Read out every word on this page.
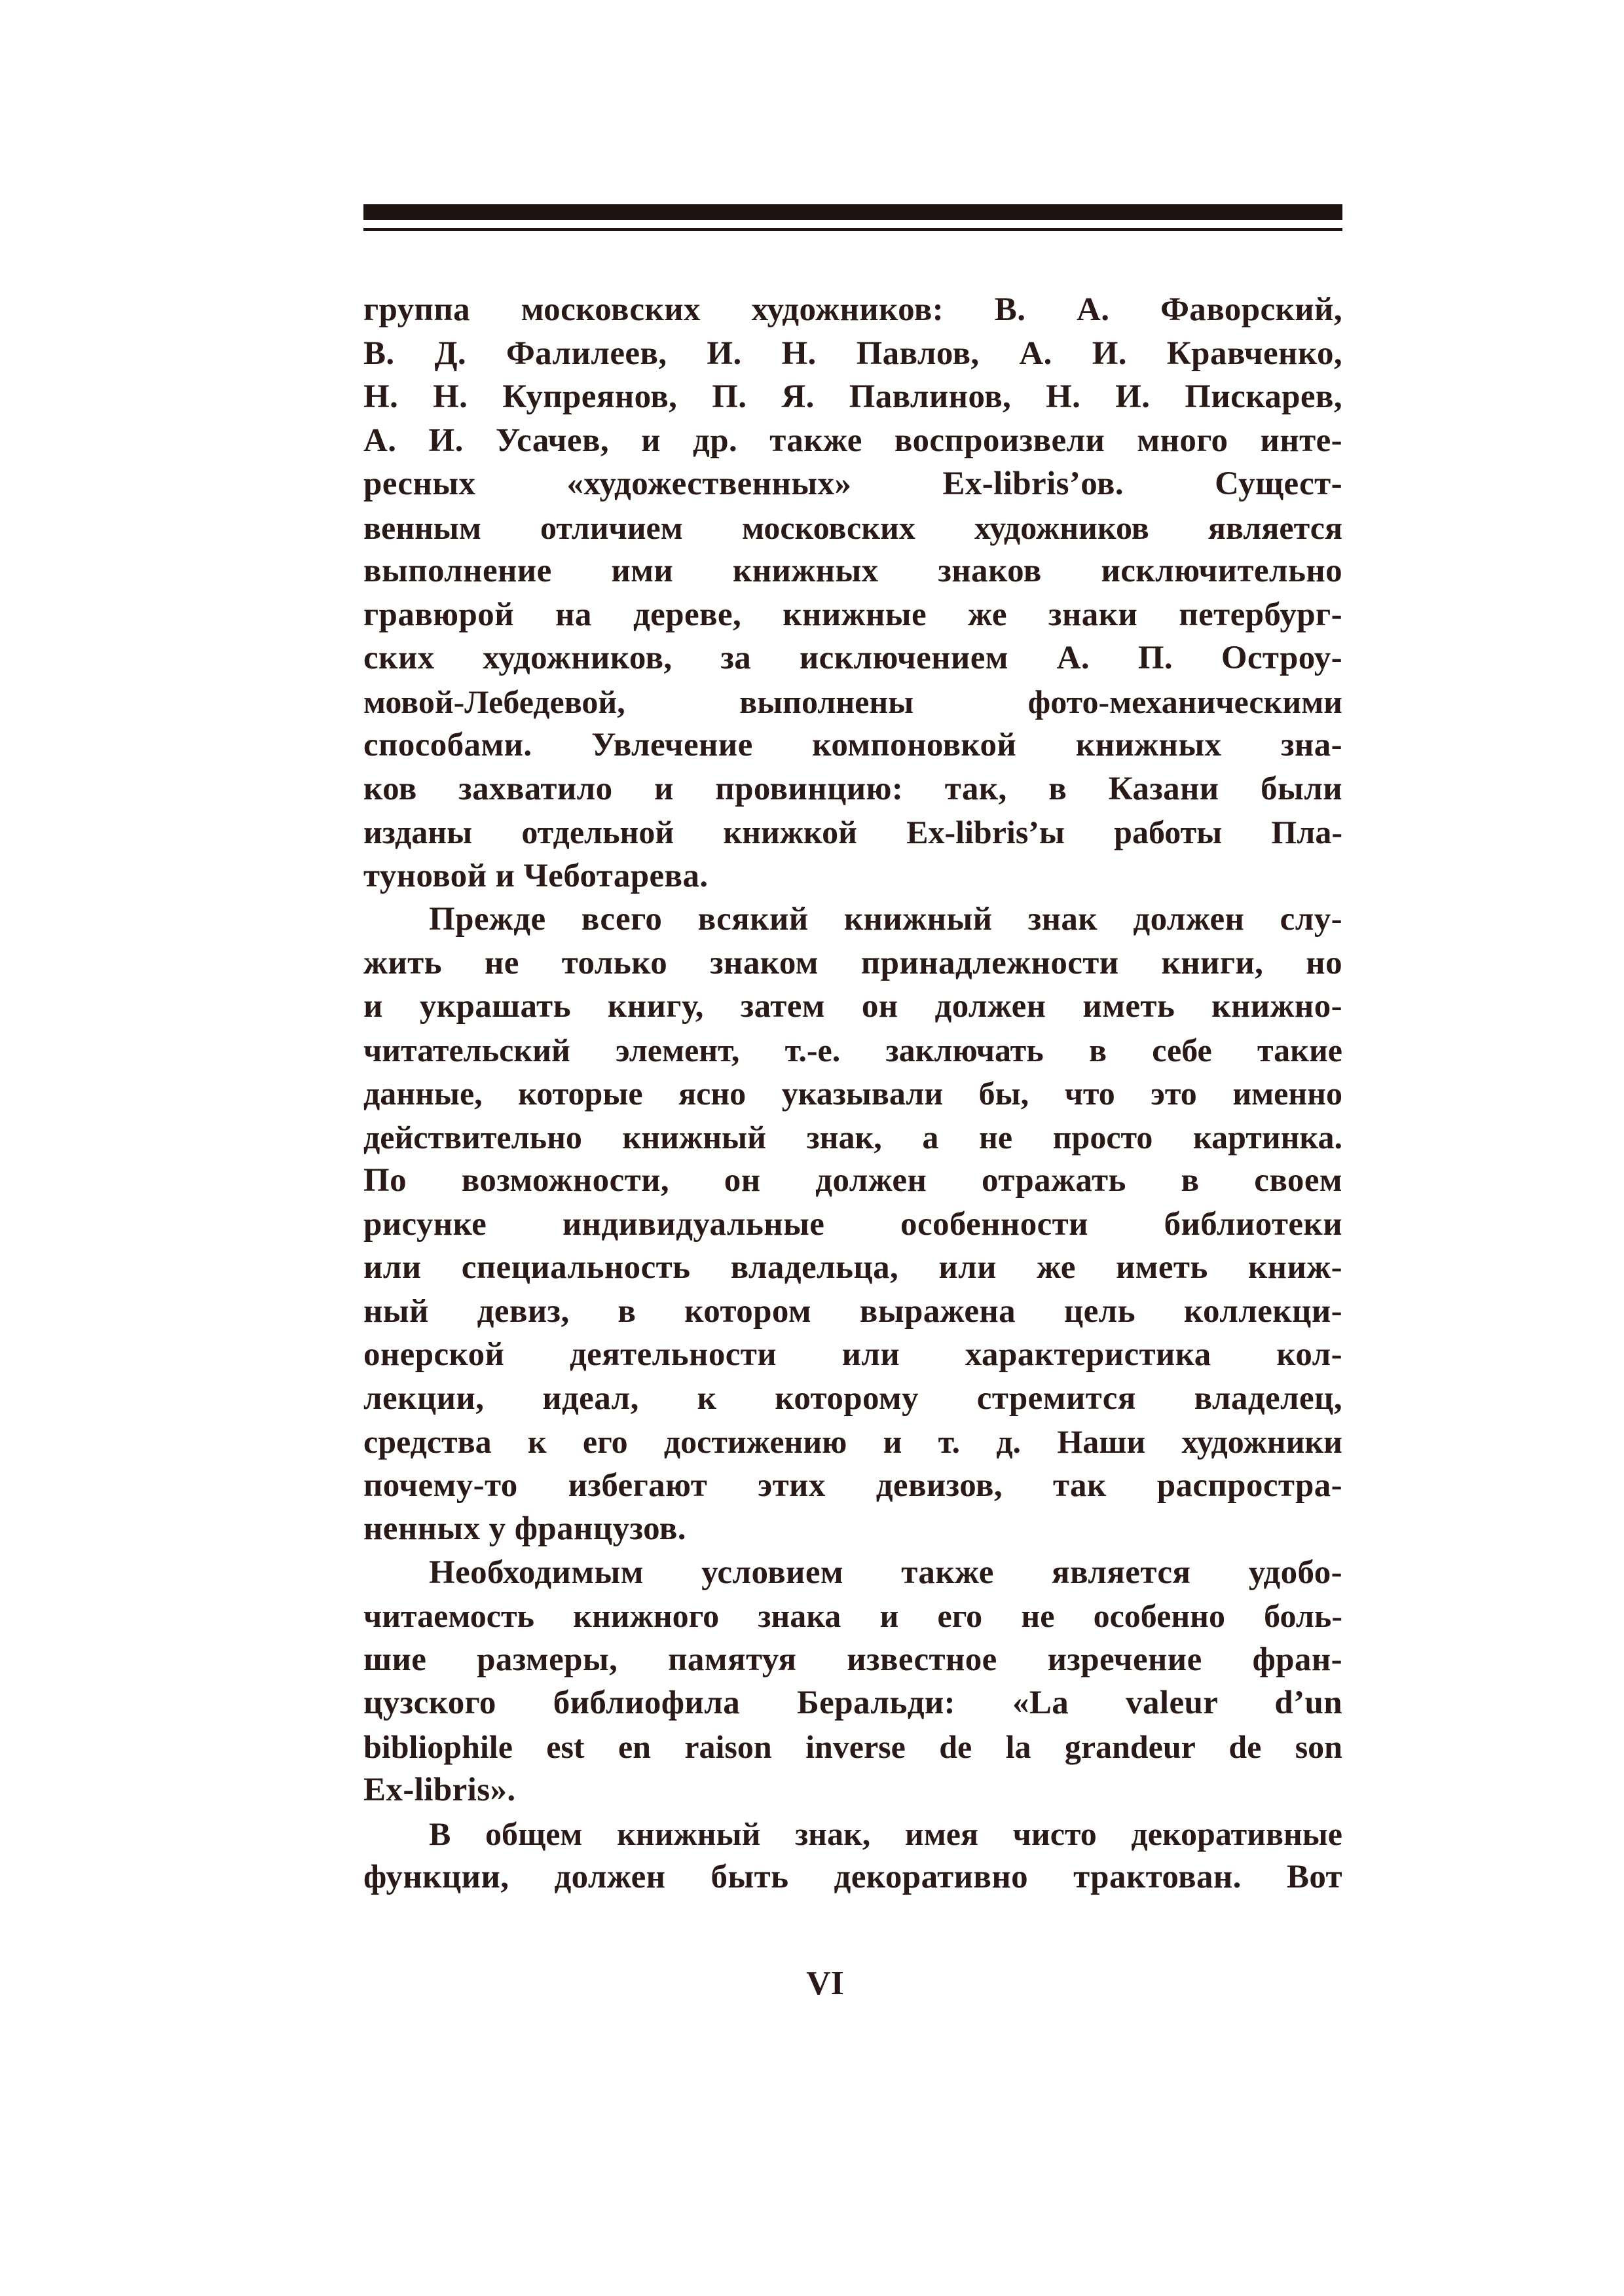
группа московских художников: В. А. Фаворский,
В. Д. Фалилеев, И. Н. Павлов, А. И. Кравченко,
Н. Н. Купреянов, П. Я. Павлинов, Н. И. Пискарев,
А. И. Усачев, и др. также воспроизвели много инте-
ресных «художественных» Ex-libris’ов. Сущест-
венным отличием московских художников является
выполнение ими книжных знаков исключительно
гравюрой на дереве, книжные же знаки петербург-
ских художников, за исключением А. П. Остроу-
мовой-Лебедевой, выполнены фото-механическими
способами. Увлечение компоновкой книжных зна-
ков захватило и провинцию: так, в Казани были
изданы отдельной книжкой Ex-libris’ы работы Пла-
туновой и Чеботарева.
Прежде всего всякий книжный знак должен слу-
жить не только знаком принадлежности книги, но
и украшать книгу, затем он должен иметь книжно-
читательский элемент, т.-е. заключать в себе такие
данные, которые ясно указывали бы, что это именно
действительно книжный знак, а не просто картинка.
По возможности, он должен отражать в своем
рисунке индивидуальные особенности библиотеки
или специальность владельца, или же иметь книж-
ный девиз, в котором выражена цель коллекци-
онерской деятельности или характеристика кол-
лекции, идеал, к которому стремится владелец,
средства к его достижению и т. д. Наши художники
почему-то избегают этих девизов, так распростра-
ненных у французов.
Необходимым условием также является удобо-
читаемость книжного знака и его не особенно боль-
шие размеры, памятуя известное изречение фран-
цузского библиофила Беральди: «La valeur d’un
bibliophile est en raison inverse de la grandeur de son
Ex-libris».
В общем книжный знак, имея чисто декоративные
функции, должен быть декоративно трактован. Вот
VI
